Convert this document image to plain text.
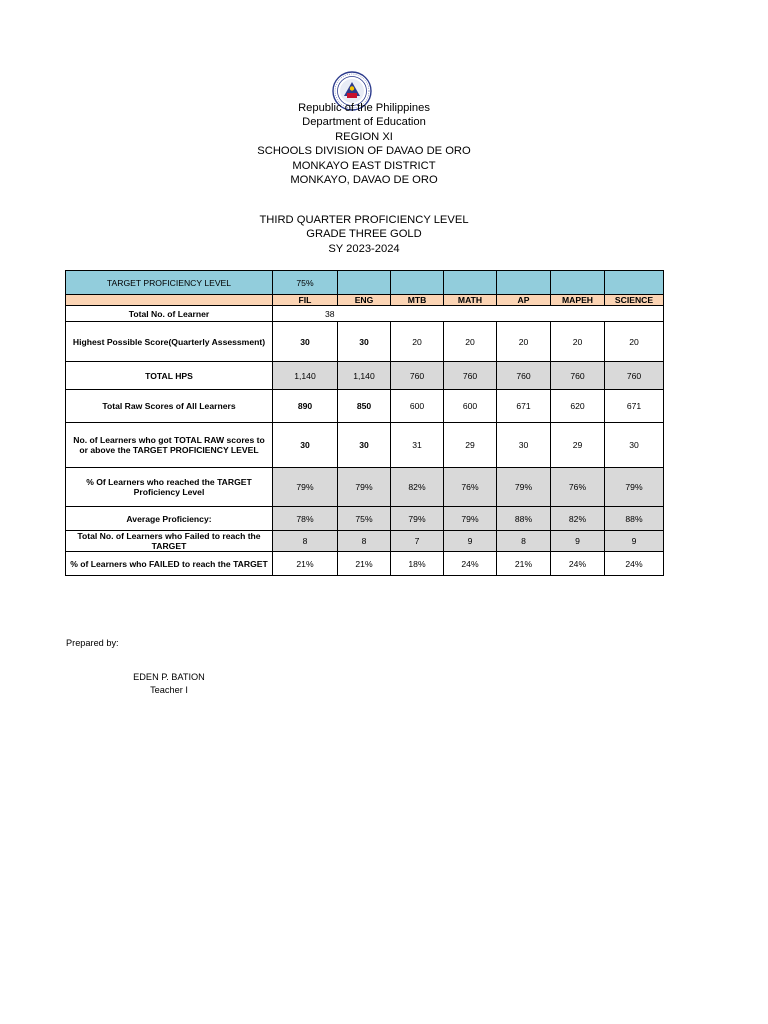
Republic of the Philippines
Department of Education
REGION XI
SCHOOLS DIVISION OF DAVAO DE ORO
MONKAYO EAST DISTRICT
MONKAYO, DAVAO DE ORO
THIRD QUARTER PROFICIENCY LEVEL
GRADE THREE GOLD
SY 2023-2024
TARGET PROFICIENCY LEVEL	75%						
	FIL	ENG	MTB	MATH	AP	MAPEH	SCIENCE
Total No. of Learner	38						
Highest Possible Score(Quarterly Assessment)	30	30	20	20	20	20	20
TOTAL HPS	1,140	1,140	760	760	760	760	760
Total Raw Scores of All Learners	890	850	600	600	671	620	671
No. of Learners who got TOTAL RAW scores to or above the TARGET PROFICIENCY LEVEL	30	30	31	29	30	29	30
% Of Learners who reached the TARGET Proficiency Level	79%	79%	82%	76%	79%	76%	79%
Average Proficiency:	78%	75%	79%	79%	88%	82%	88%
Total No. of Learners who Failed to reach the TARGET	8	8	7	9	8	9	9
% of Learners who FAILED to reach the TARGET	21%	21%	18%	24%	21%	24%	24%
Prepared by:
EDEN P. BATION
Teacher I
